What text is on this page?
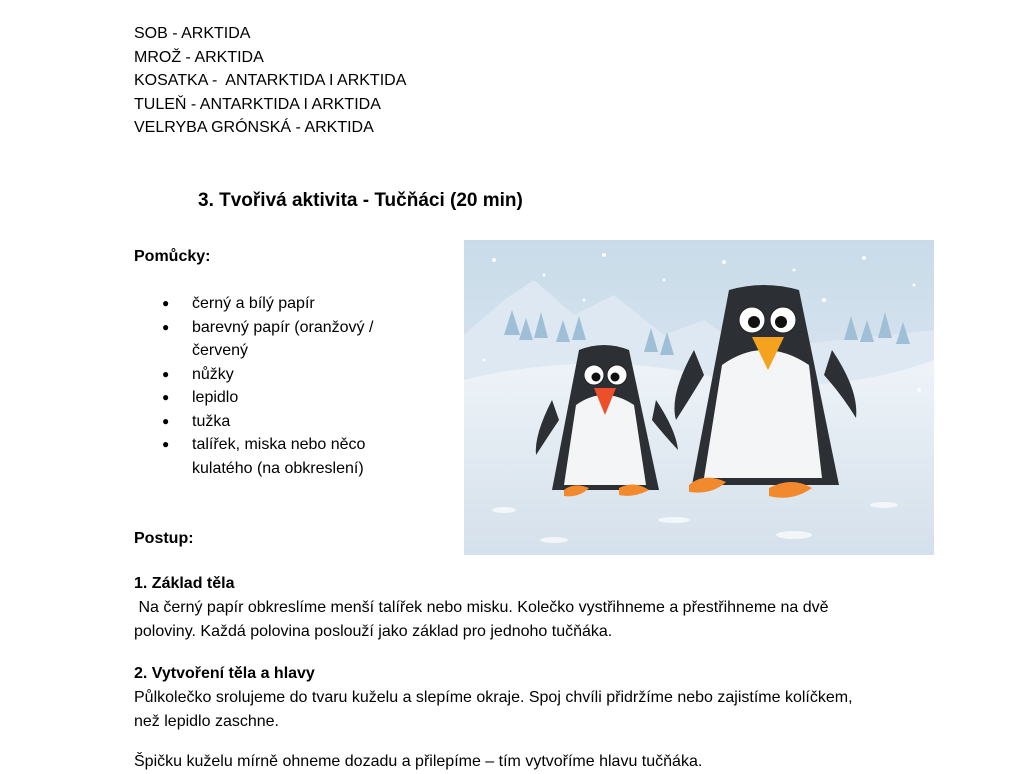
SOB - ARKTIDA
MROŽ - ARKTIDA
KOSATKA -  ANTARKTIDA I ARKTIDA
TULEŇ - ANTARKTIDA I ARKTIDA
VELRYBA GRÓNSKÁ - ARKTIDA
3. Tvořivá aktivita - Tučňáci (20 min)
Pomůcky:
● černý a bílý papír
● barevný papír (oranžový / červený
● nůžky
● lepidlo
● tužka
● talířek, miska nebo něco kulatého (na obkreslení)
Postup:
1. Základ těla

Na černý papír obkreslíme menší talířek nebo misku. Kolečko vystřihneme a přestřihneme na dvě poloviny. Každá polovina poslouží jako základ pro jednoho tučňáka.

2. Vytvoření těla a hlavy

Půlkolečko srolujeme do tvaru kuželu a slepíme okraje. Spoj chvíli přidržíme nebo zajistíme kolíčkem, než lepidlo zaschne.

Špičku kuželu mírně ohneme dozadu a přilepíme – tím vytvoříme hlavu tučňáka.
